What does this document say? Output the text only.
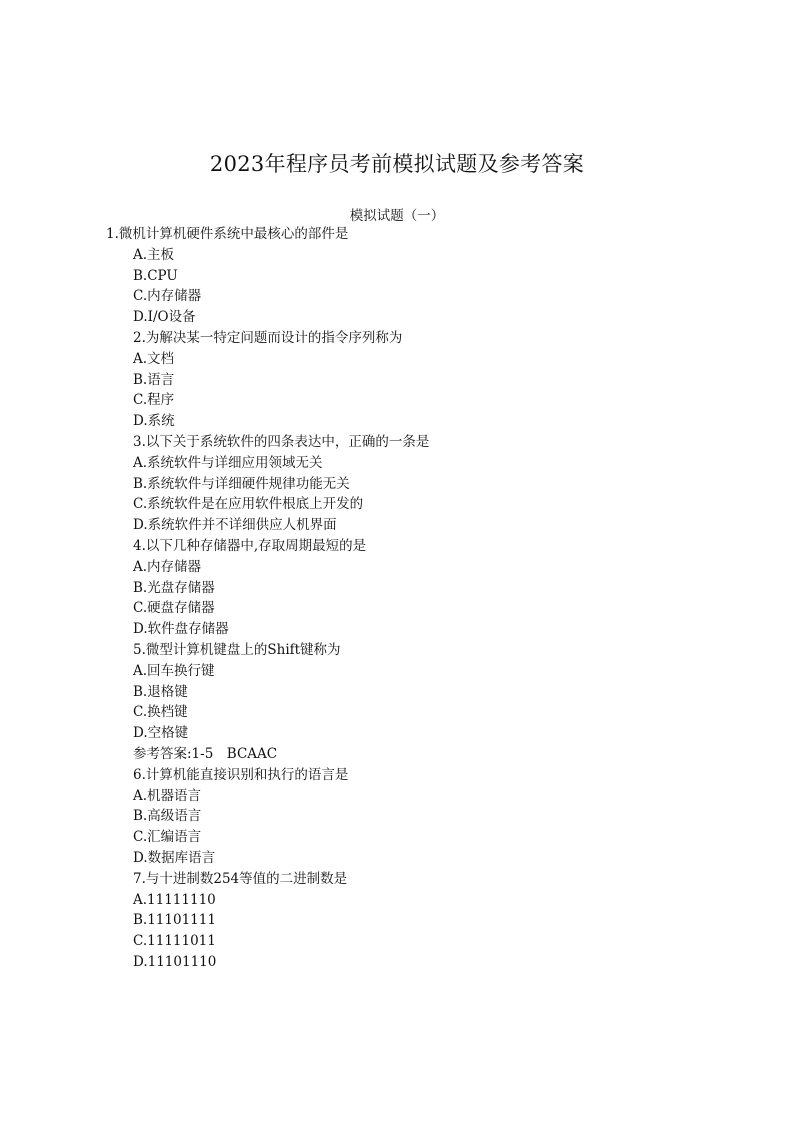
2023年程序员考前模拟试题及参考答案
模拟试题（一）
1.微机计算机硬件系统中最核心的部件是
A.主板
B.CPU
C.内存储器
D.I/O设备
2.为解决某一特定问题而设计的指令序列称为
A.文档
B.语言
C.程序
D.系统
3.以下关于系统软件的四条表达中，正确的一条是
A.系统软件与详细应用领域无关
B.系统软件与详细硬件规律功能无关
C.系统软件是在应用软件根底上开发的
D.系统软件并不详细供应人机界面
4.以下几种存储器中,存取周期最短的是
A.内存储器
B.光盘存储器
C.硬盘存储器
D.软件盘存储器
5.微型计算机键盘上的Shift键称为
A.回车换行键
B.退格键
C.换档键
D.空格键
参考答案:1-5　BCAAC
6.计算机能直接识别和执行的语言是
A.机器语言
B.高级语言
C.汇编语言
D.数据库语言
7.与十进制数254等值的二进制数是
A.11111110
B.11101111
C.11111011
D.11101110
